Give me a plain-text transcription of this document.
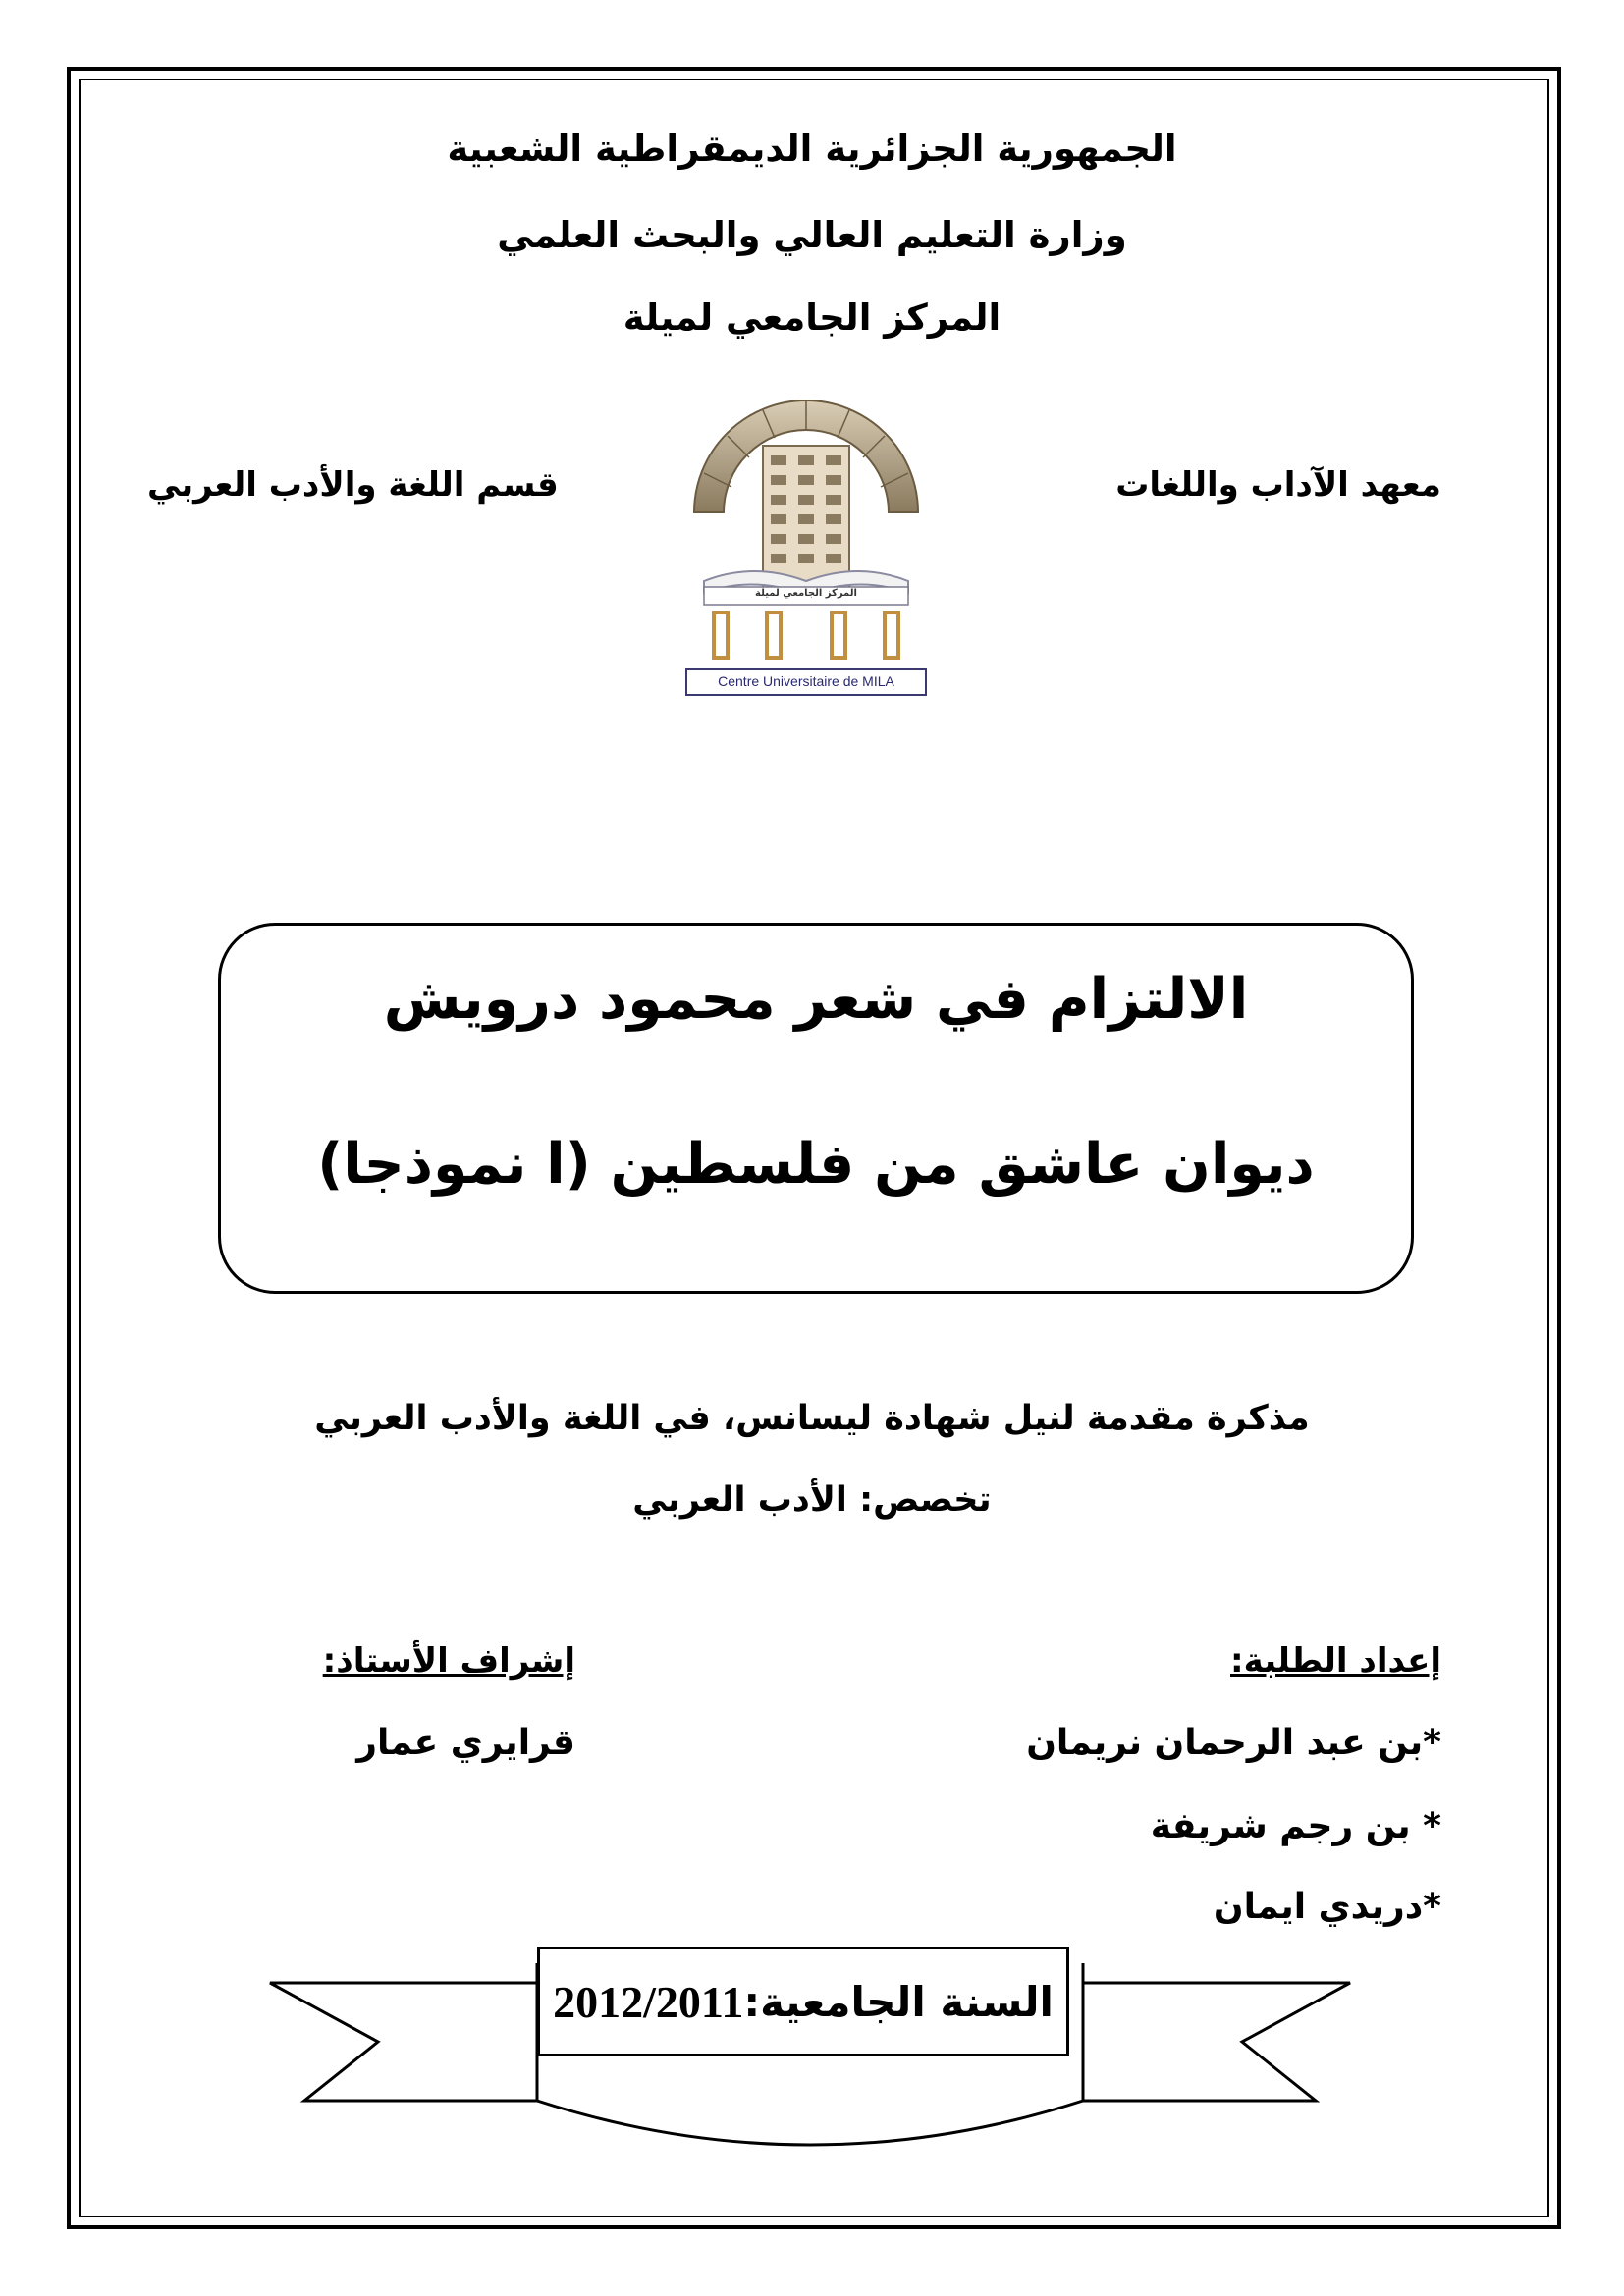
الجمهورية الجزائرية الديمقراطية الشعبية
وزارة التعليم العالي والبحث العلمي
المركز الجامعي لميلة
معهد الآداب واللغات
قسم اللغة والأدب العربي
المركز الجامعي لميلة
Centre Universitaire de MILA
الالتزام في شعر محمود درويش
ديوان عاشق من فلسطين (ا نموذجا)
مذكرة مقدمة لنيل شهادة ليسانس، في اللغة والأدب العربي
تخصص: الأدب العربي
إعداد الطلبة:
*بن عبد الرحمان نريمان
* بن رجم شريفة
*دريدي ايمان
إشراف الأستاذ:
قرايري عمار
السنة الجامعية:
2012/2011
